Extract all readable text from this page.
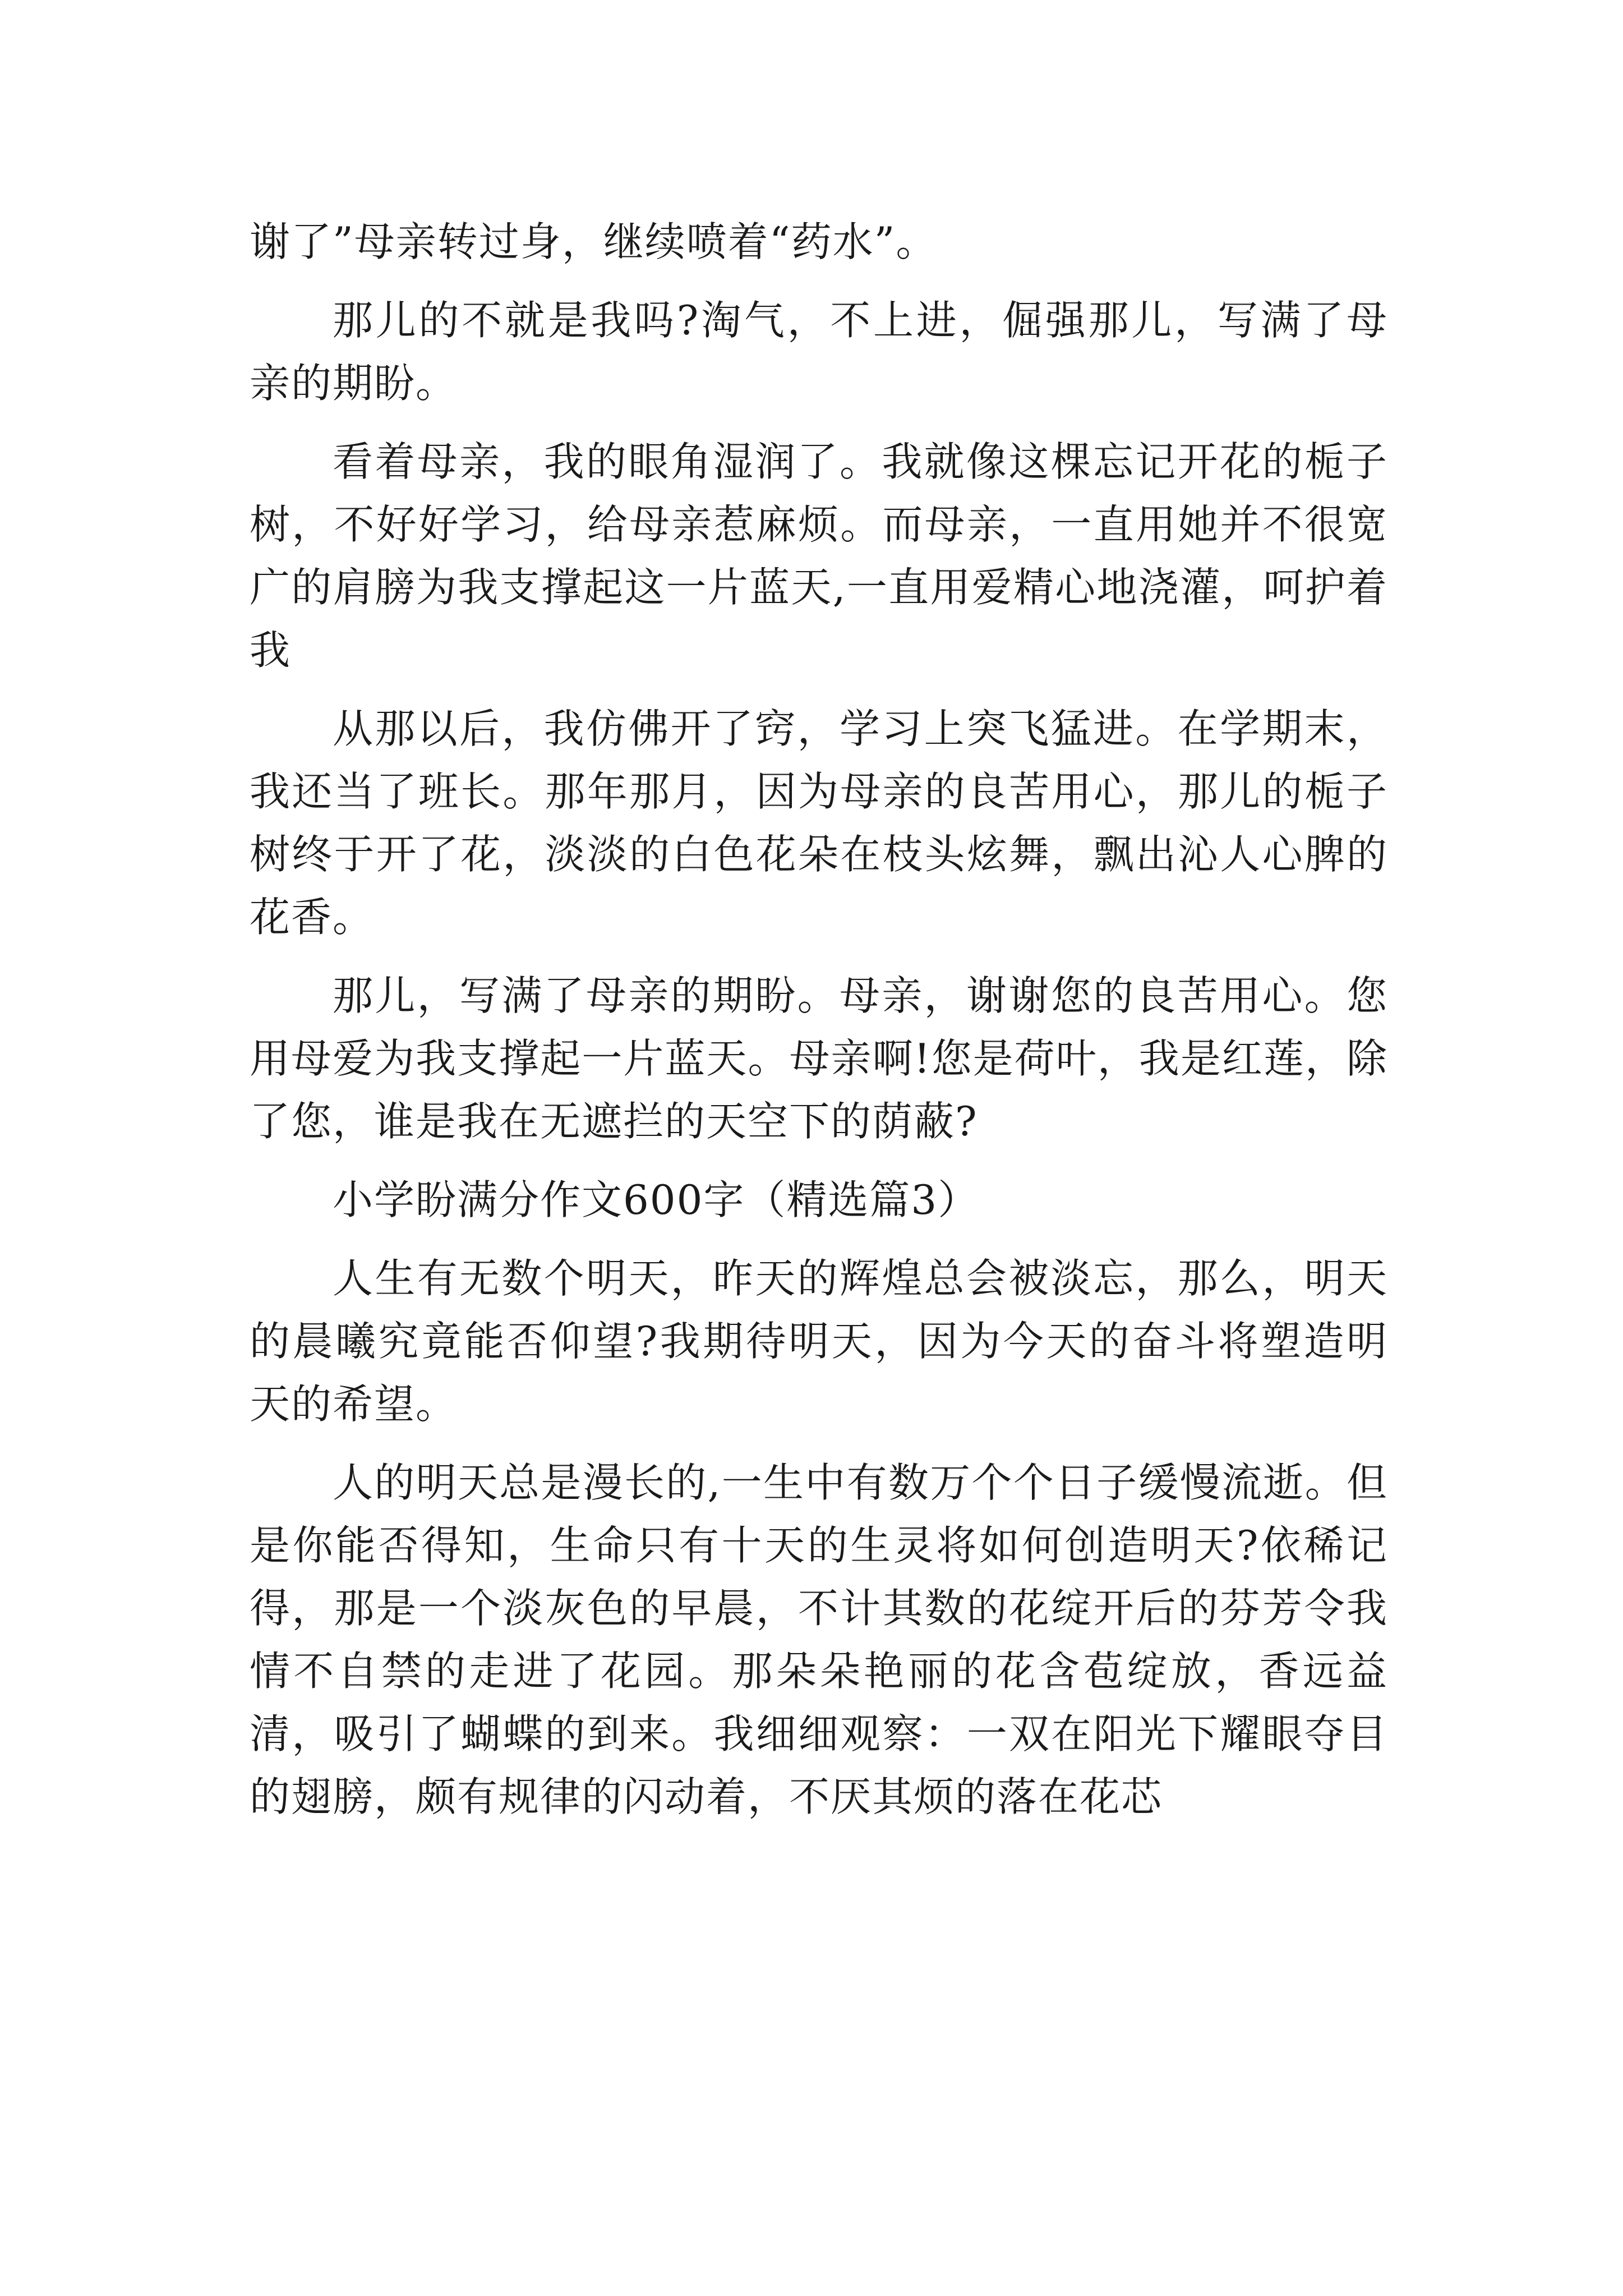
谢了”母亲转过身，继续喷着“药水”。

那儿的不就是我吗?淘气，不上进，倔强那儿，写满了母亲的期盼。

看着母亲，我的眼角湿润了。我就像这棵忘记开花的栀子树，不好好学习，给母亲惹麻烦。而母亲，一直用她并不很宽广的肩膀为我支撑起这一片蓝天,一直用爱精心地浇灌，呵护着我

从那以后，我仿佛开了窍，学习上突飞猛进。在学期末，我还当了班长。那年那月，因为母亲的良苦用心，那儿的栀子树终于开了花，淡淡的白色花朵在枝头炫舞，飘出沁人心脾的花香。

那儿，写满了母亲的期盼。母亲，谢谢您的良苦用心。您用母爱为我支撑起一片蓝天。母亲啊!您是荷叶，我是红莲，除了您，谁是我在无遮拦的天空下的荫蔽?

小学盼满分作文600字（精选篇3）

人生有无数个明天，昨天的辉煌总会被淡忘，那么，明天的晨曦究竟能否仰望?我期待明天，因为今天的奋斗将塑造明天的希望。

人的明天总是漫长的,一生中有数万个个日子缓慢流逝。但是你能否得知，生命只有十天的生灵将如何创造明天?依稀记得，那是一个淡灰色的早晨，不计其数的花绽开后的芬芳令我情不自禁的走进了花园。那朵朵艳丽的花含苞绽放，香远益清，吸引了蝴蝶的到来。我细细观察：一双在阳光下耀眼夺目的翅膀，颇有规律的闪动着，不厌其烦的落在花芯
